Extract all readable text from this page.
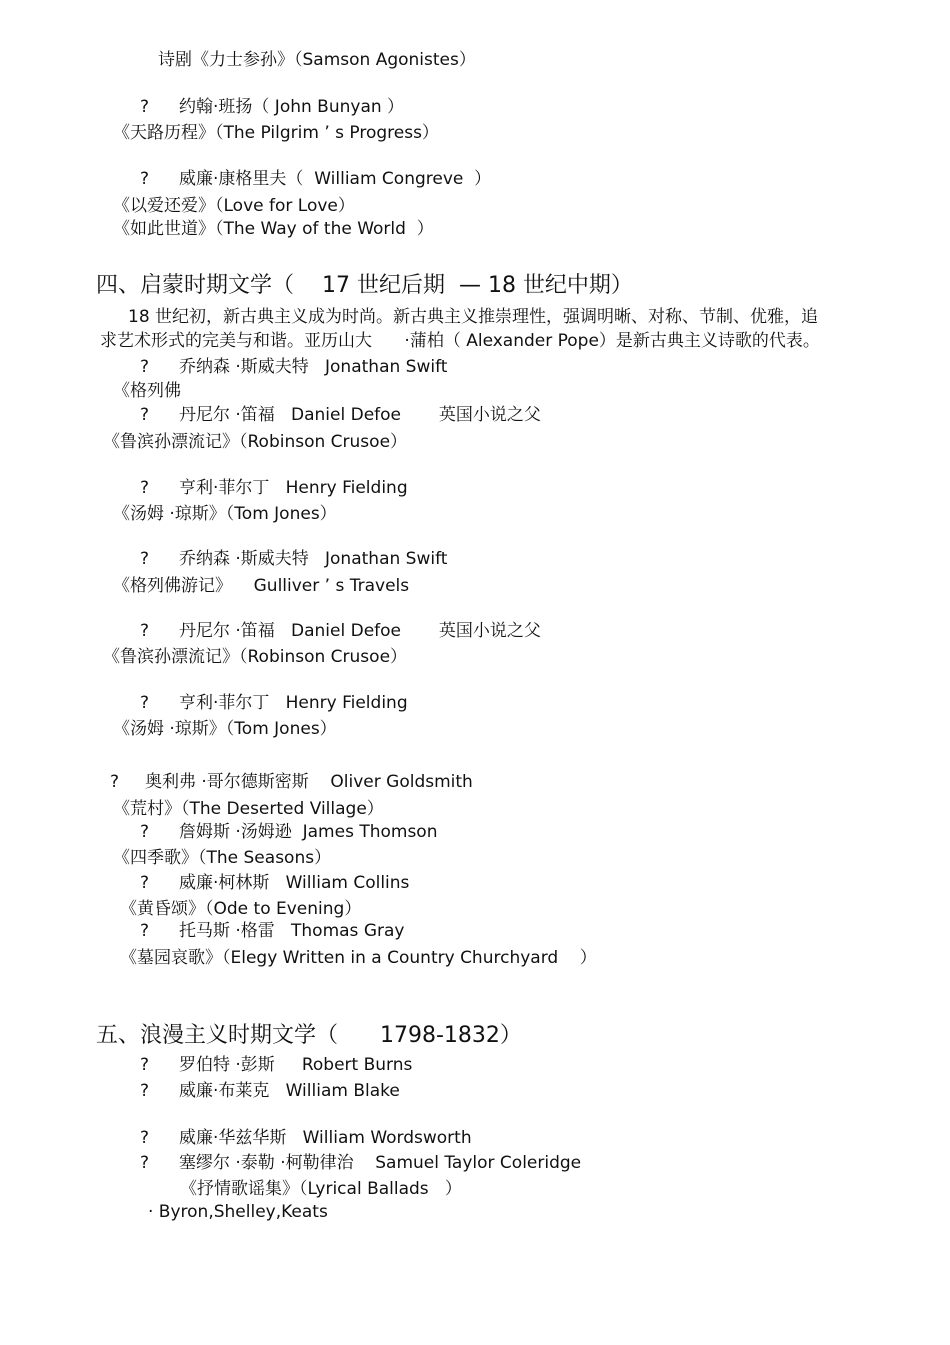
诗剧《力士参孙》（Samson Agonistes）
? 约翰·班扬（ John Bunyan ）
《天路历程》（The Pilgrim ’ s Progress）
? 威廉·康格里夫（  William Congreve  ）
《以爱还爱》（Love for Love）
《如此世道》（The Way of the World  ）
四、启蒙时期文学（    17 世纪后期  — 18 世纪中期）
18 世纪初，新古典主义成为时尚。新古典主义推崇理性，强调明晰、对称、节制、优雅，追
求艺术形式的完美与和谐。亚历山大      ·蒲柏（ Alexander Pope）是新古典主义诗歌的代表。
? 乔纳森 ·斯威夫特   Jonathan Swift
《格列佛
? 丹尼尔 ·笛福   Daniel Defoe       英国小说之父
《鲁滨孙漂流记》（Robinson Crusoe）
? 亨利·菲尔丁   Henry Fielding
《汤姆 ·琼斯》（Tom Jones）
? 乔纳森 ·斯威夫特   Jonathan Swift
《格列佛游记》    Gulliver ’ s Travels
? 丹尼尔 ·笛福   Daniel Defoe       英国小说之父
《鲁滨孙漂流记》（Robinson Crusoe）
? 亨利·菲尔丁   Henry Fielding
《汤姆 ·琼斯》（Tom Jones）
? 奥利弗 ·哥尔德斯密斯    Oliver Goldsmith
《荒村》（The Deserted Village）
? 詹姆斯 ·汤姆逊  James Thomson
《四季歌》（The Seasons）
? 威廉·柯林斯   William Collins
《黄昏颂》（Ode to Evening）
? 托马斯 ·格雷   Thomas Gray
《墓园哀歌》（Elegy Written in a Country Churchyard    ）
五、浪漫主义时期文学（      1798-1832）
? 罗伯特 ·彭斯     Robert Burns
? 威廉·布莱克   William Blake
? 威廉·华兹华斯   William Wordsworth
? 塞缪尔 ·泰勒 ·柯勒律治    Samuel Taylor Coleridge
《抒情歌谣集》（Lyrical Ballads   ）
· Byron,Shelley,Keats
